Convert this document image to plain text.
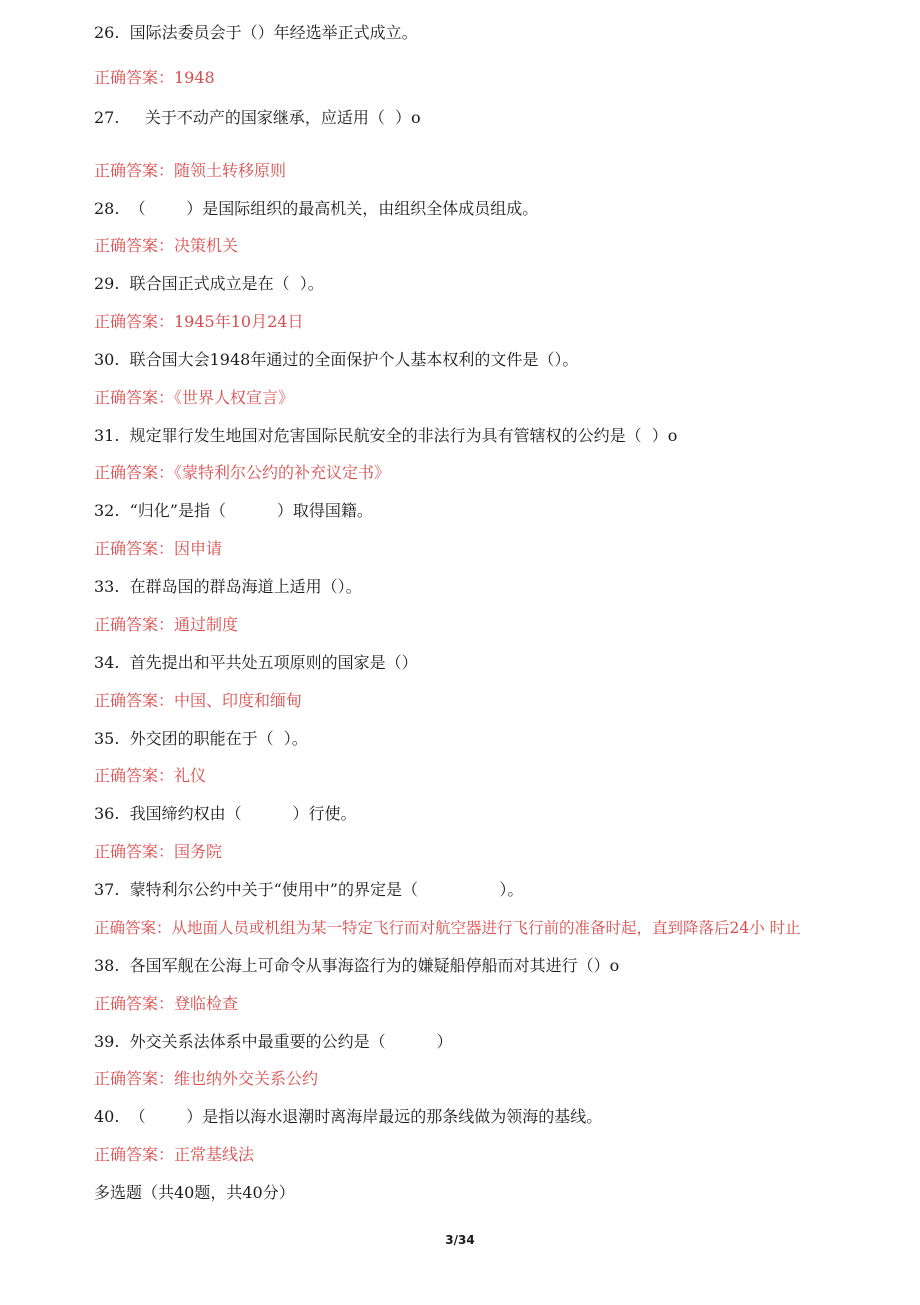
26.  国际法委员会于（）年经选举正式成立。
正确答案：1948
27.     关于不动产的国家继承，应适用（  ）o
正确答案：随领土转移原则
28.  （        ）是国际组织的最高机关，由组织全体成员组成。
正确答案：决策机关
29.  联合国正式成立是在（  ）。
正确答案：1945年10月24日
30.  联合国大会1948年通过的全面保护个人基本权利的文件是（）。
正确答案：《世界人权宣言》
31.  规定罪行发生地国对危害国际民航安全的非法行为具有管辖权的公约是（  ）o
正确答案：《蒙特利尔公约的补充议定书》
32.  “归化”是指（          ）取得国籍。
正确答案：因申请
33.  在群岛国的群岛海道上适用（）。
正确答案：通过制度
34.  首先提出和平共处五项原则的国家是（）
正确答案：中国、印度和缅甸
35.  外交团的职能在于（  ）。
正确答案：礼仪
36.  我国缔约权由（          ）行使。
正确答案：国务院
37.  蒙特利尔公约中关于“使用中”的界定是（                ）。
正确答案：从地面人员或机组为某一特定飞行而对航空器进行飞行前的准备时起，直到降落后24小 时止
38.  各国军舰在公海上可命令从事海盗行为的嫌疑船停船而对其进行（）o
正确答案：登临检查
39.  外交关系法体系中最重要的公约是（          ）
正确答案：维也纳外交关系公约
40.  （        ）是指以海水退潮时离海岸最远的那条线做为领海的基线。
正确答案：正常基线法
多选题（共40题，共40分）
3/34
